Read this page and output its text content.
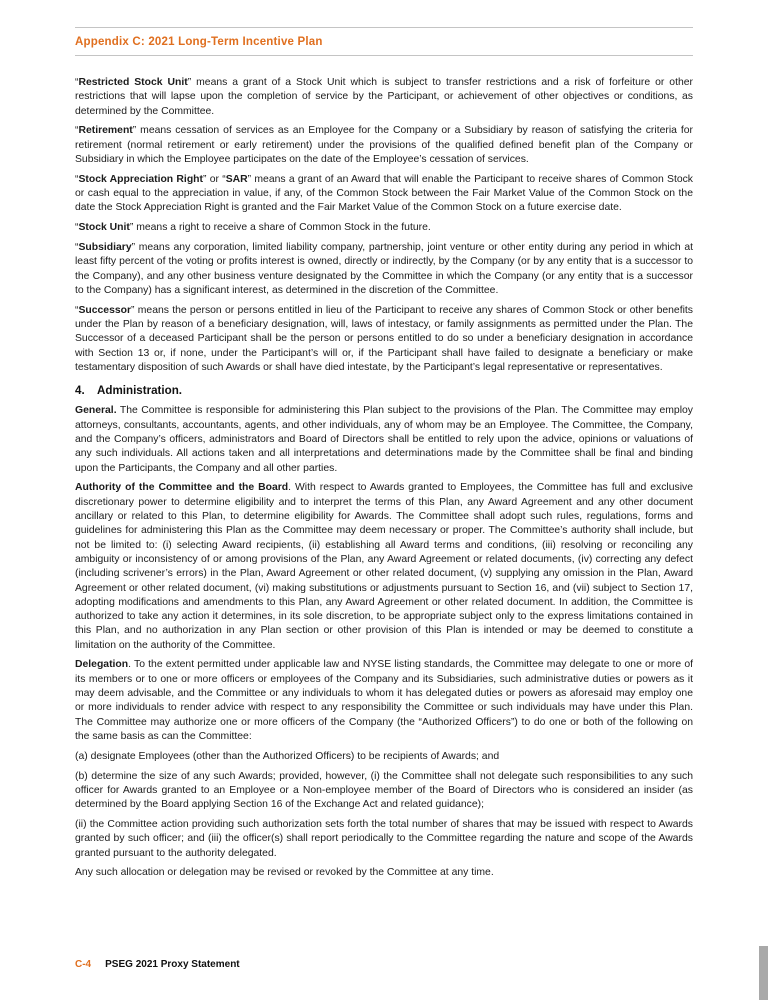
Appendix C: 2021 Long-Term Incentive Plan

“Restricted Stock Unit” means a grant of a Stock Unit which is subject to transfer restrictions and a risk of forfeiture or other restrictions that will lapse upon the completion of service by the Participant, or achievement of other objectives or conditions, as determined by the Committee.

“Retirement” means cessation of services as an Employee for the Company or a Subsidiary by reason of satisfying the criteria for retirement (normal retirement or early retirement) under the provisions of the qualified defined benefit plan of the Company or Subsidiary in which the Employee participates on the date of the Employee’s cessation of services.

“Stock Appreciation Right” or “SAR” means a grant of an Award that will enable the Participant to receive shares of Common Stock or cash equal to the appreciation in value, if any, of the Common Stock between the Fair Market Value of the Common Stock on the date the Stock Appreciation Right is granted and the Fair Market Value of the Common Stock on a future exercise date.

“Stock Unit” means a right to receive a share of Common Stock in the future.

“Subsidiary” means any corporation, limited liability company, partnership, joint venture or other entity during any period in which at least fifty percent of the voting or profits interest is owned, directly or indirectly, by the Company (or by any entity that is a successor to the Company), and any other business venture designated by the Committee in which the Company (or any entity that is a successor to the Company) has a significant interest, as determined in the discretion of the Committee.

“Successor” means the person or persons entitled in lieu of the Participant to receive any shares of Common Stock or other benefits under the Plan by reason of a beneficiary designation, will, laws of intestacy, or family assignments as permitted under the Plan. The Successor of a deceased Participant shall be the person or persons entitled to do so under a beneficiary designation in accordance with Section 13 or, if none, under the Participant’s will or, if the Participant shall have failed to designate a beneficiary or make testamentary disposition of such Awards or shall have died intestate, by the Participant’s legal representative or representatives.

4. Administration.

General. The Committee is responsible for administering this Plan subject to the provisions of the Plan. The Committee may employ attorneys, consultants, accountants, agents, and other individuals, any of whom may be an Employee. The Committee, the Company, and the Company’s officers, administrators and Board of Directors shall be entitled to rely upon the advice, opinions or valuations of any such individuals. All actions taken and all interpretations and determinations made by the Committee shall be final and binding upon the Participants, the Company and all other parties.

Authority of the Committee and the Board. With respect to Awards granted to Employees, the Committee has full and exclusive discretionary power to determine eligibility and to interpret the terms of this Plan, any Award Agreement and any other document ancillary or related to this Plan, to determine eligibility for Awards. The Committee shall adopt such rules, regulations, forms and guidelines for administering this Plan as the Committee may deem necessary or proper. The Committee’s authority shall include, but not be limited to: (i) selecting Award recipients, (ii) establishing all Award terms and conditions, (iii) resolving or reconciling any ambiguity or inconsistency of or among provisions of the Plan, any Award Agreement or related documents, (iv) correcting any defect (including scrivener’s errors) in the Plan, Award Agreement or other related document, (v) supplying any omission in the Plan, Award Agreement or other related document, (vi) making substitutions or adjustments pursuant to Section 16, and (vii) subject to Section 17, adopting modifications and amendments to this Plan, any Award Agreement or other related document. In addition, the Committee is authorized to take any action it determines, in its sole discretion, to be appropriate subject only to the express limitations contained in this Plan, and no authorization in any Plan section or other provision of this Plan is intended or may be deemed to constitute a limitation on the authority of the Committee.

Delegation. To the extent permitted under applicable law and NYSE listing standards, the Committee may delegate to one or more of its members or to one or more officers or employees of the Company and its Subsidiaries, such administrative duties or powers as it may deem advisable, and the Committee or any individuals to whom it has delegated duties or powers as aforesaid may employ one or more individuals to render advice with respect to any responsibility the Committee or such individuals may have under this Plan. The Committee may authorize one or more officers of the Company (the “Authorized Officers”) to do one or both of the following on the same basis as can the Committee:

(a) designate Employees (other than the Authorized Officers) to be recipients of Awards; and

(b) determine the size of any such Awards; provided, however, (i) the Committee shall not delegate such responsibilities to any such officer for Awards granted to an Employee or a Non-employee member of the Board of Directors who is considered an insider (as determined by the Board applying Section 16 of the Exchange Act and related guidance);

(ii) the Committee action providing such authorization sets forth the total number of shares that may be issued with respect to Awards granted by such officer; and (iii) the officer(s) shall report periodically to the Committee regarding the nature and scope of the Awards granted pursuant to the authority delegated.

Any such allocation or delegation may be revised or revoked by the Committee at any time.

C-4 PSEG 2021 Proxy Statement
